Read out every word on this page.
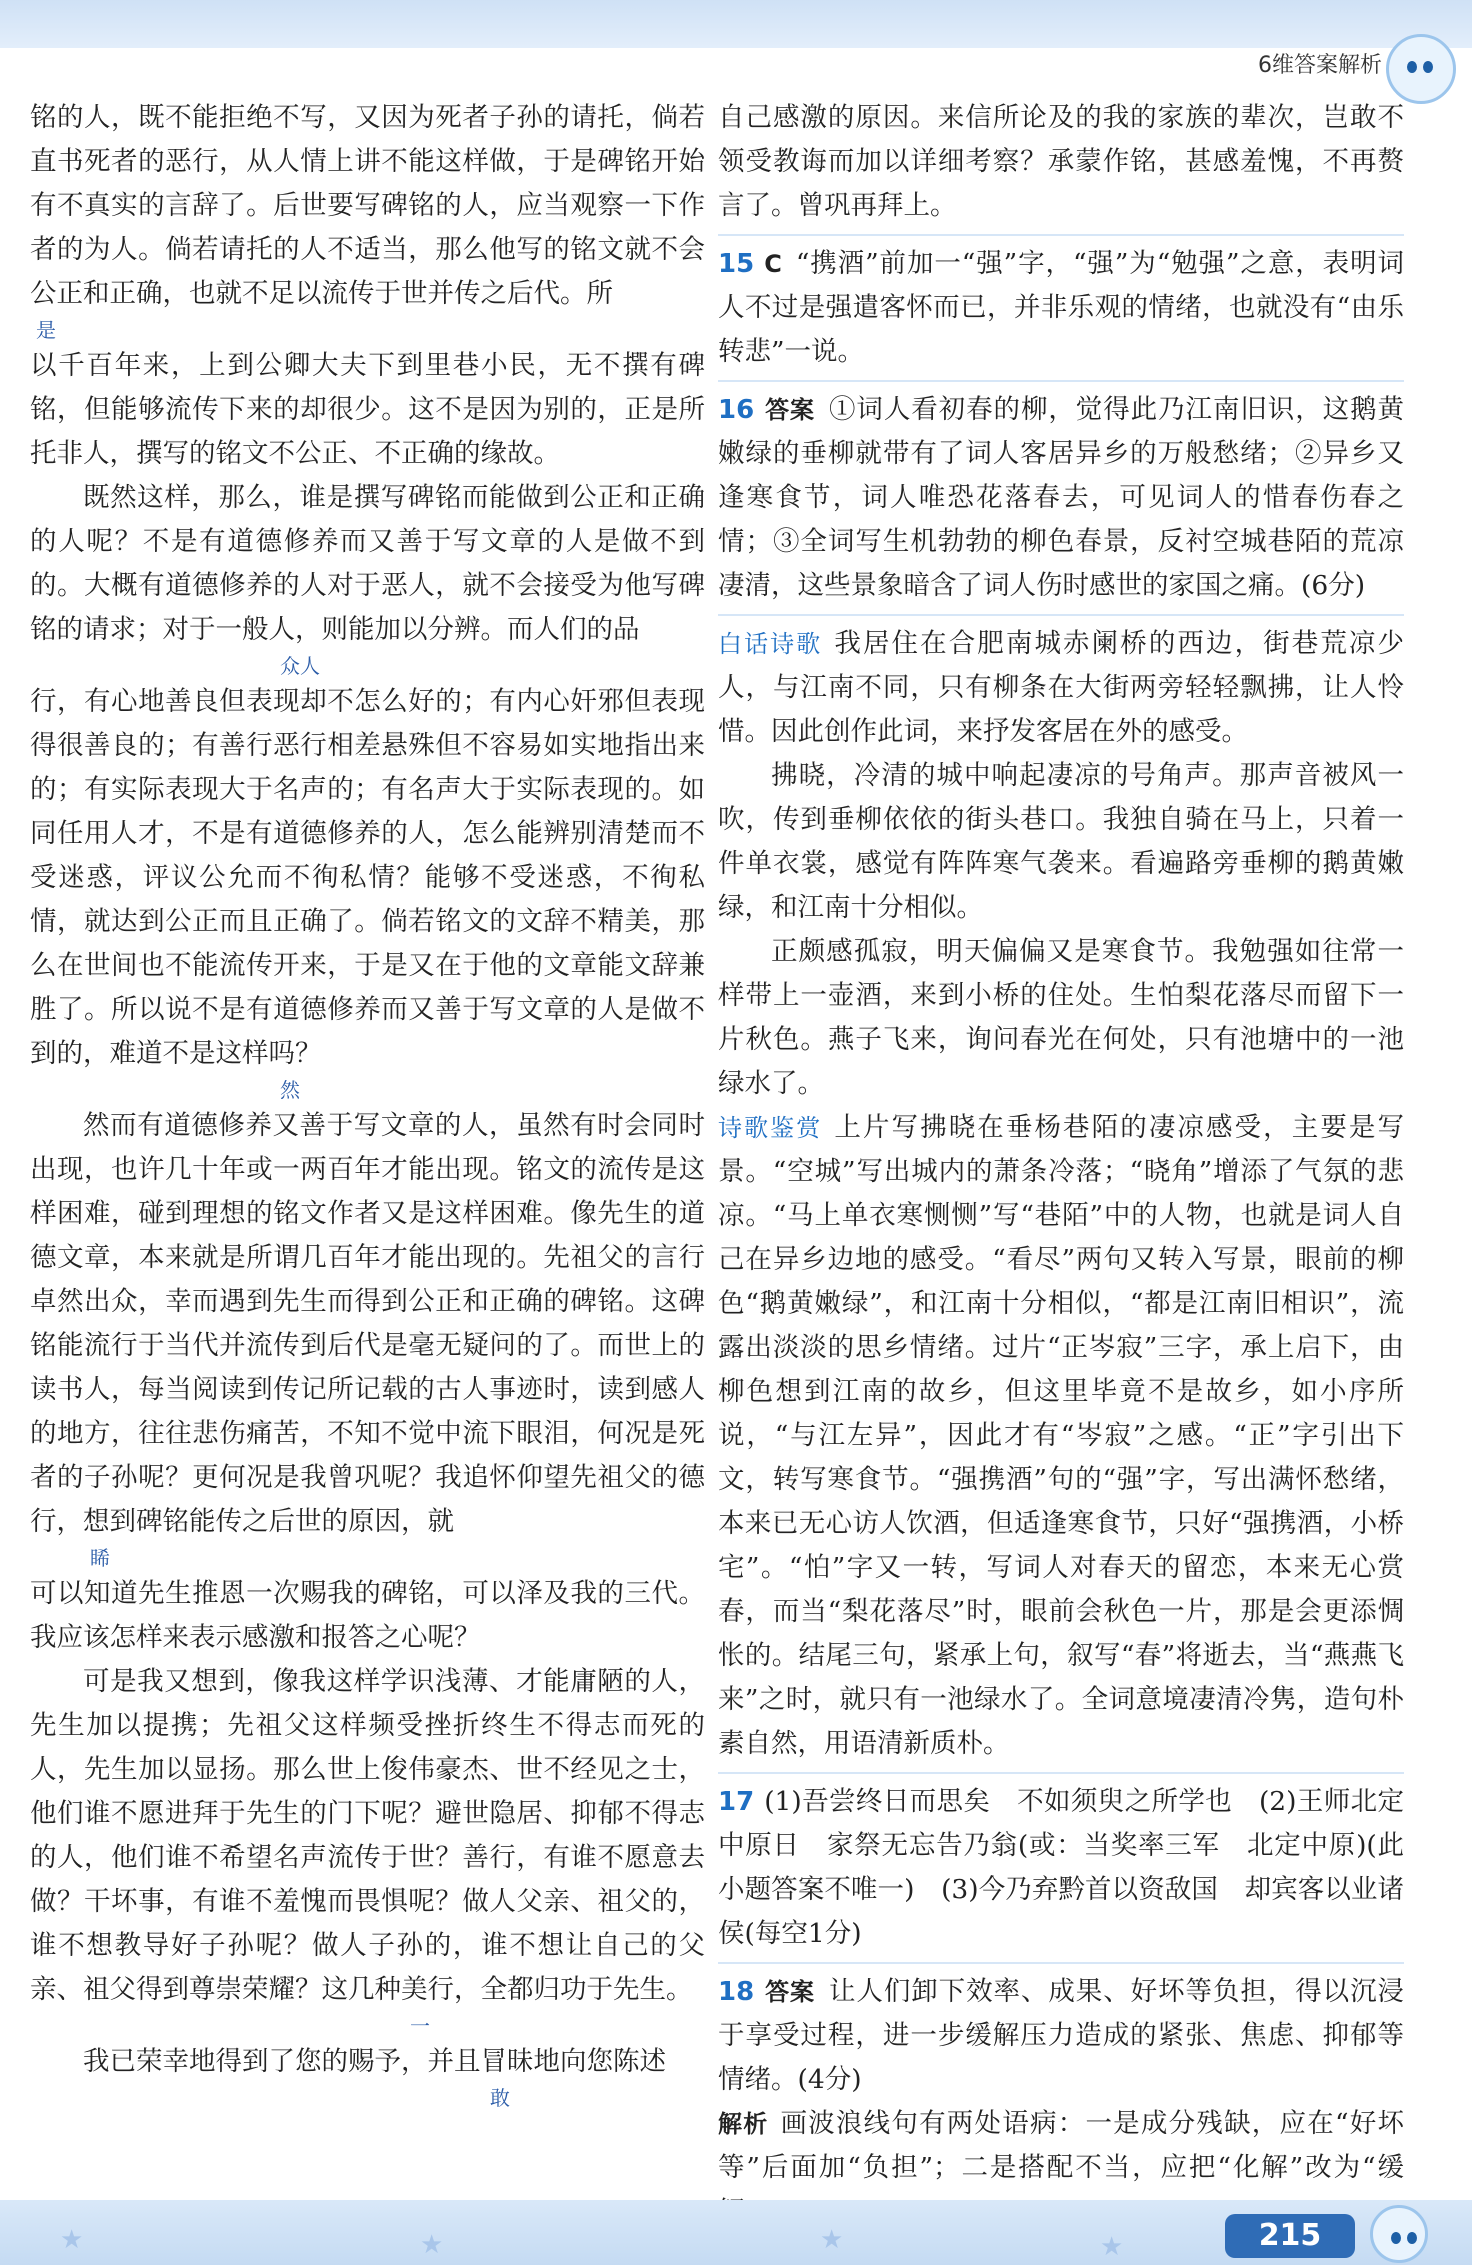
6维答案解析

铭的人，既不能拒绝不写，又因为死者子孙的请托，倘若直书死者的恶行，从人情上讲不能这样做，于是碑铭开始有不真实的言辞了。后世要写碑铭的人，应当观察一下作者的为人。倘若请托的人不适当，那么他写的铭文就不会公正和正确，也就不足以流传于世并传之后代。所

是

以千百年来，上到公卿大夫下到里巷小民，无不撰有碑铭，但能够流传下来的却很少。这不是因为别的，正是所托非人，撰写的铭文不公正、不正确的缘故。

既然这样，那么，谁是撰写碑铭而能做到公正和正确的人呢？不是有道德修养而又善于写文章的人是做不到的。大概有道德修养的人对于恶人，就不会接受为他写碑铭的请求；对于一般人，则能加以分辨。而人们的品

众人

行，有心地善良但表现却不怎么好的；有内心奸邪但表现得很善良的；有善行恶行相差悬殊但不容易如实地指出来的；有实际表现大于名声的；有名声大于实际表现的。如同任用人才，不是有道德修养的人，怎么能辨别清楚而不受迷惑，评议公允而不徇私情？能够不受迷惑，不徇私情，就达到公正而且正确了。倘若铭文的文辞不精美，那么在世间也不能流传开来，于是又在于他的文章能文辞兼胜了。所以说不是有道德修养而又善于写文章的人是做不到的，难道不是这样吗？

然

然而有道德修养又善于写文章的人，虽然有时会同时出现，也许几十年或一两百年才能出现。铭文的流传是这样困难，碰到理想的铭文作者又是这样困难。像先生的道德文章，本来就是所谓几百年才能出现的。先祖父的言行卓然出众，幸而遇到先生而得到公正和正确的碑铭。这碑铭能流行于当代并流传到后代是毫无疑问的了。而世上的读书人，每当阅读到传记所记载的古人事迹时，读到感人的地方，往往悲伤痛苦，不知不觉中流下眼泪，何况是死者的子孙呢？更何况是我曾巩呢？我追怀仰望先祖父的德行，想到碑铭能传之后世的原因，就

睎

可以知道先生推恩一次赐我的碑铭，可以泽及我的三代。我应该怎样来表示感激和报答之心呢？

可是我又想到，像我这样学识浅薄、才能庸陋的人，先生加以提携；先祖父这样频受挫折终生不得志而死的人，先生加以显扬。那么世上俊伟豪杰、世不经见之士，他们谁不愿进拜于先生的门下呢？避世隐居、抑郁不得志的人，他们谁不希望名声流传于世？善行，有谁不愿意去做？干坏事，有谁不羞愧而畏惧呢？做人父亲、祖父的，谁不想教导好子孙呢？做人子孙的，谁不想让自己的父亲、祖父得到尊崇荣耀？这几种美行，全都归功于先生。

一

我已荣幸地得到了您的赐予，并且冒昧地向您陈述

敢

自己感激的原因。来信所论及的我的家族的辈次，岂敢不领受教诲而加以详细考察？承蒙作铭，甚感羞愧，不再赘言了。曾巩再拜上。

15 C “携酒”前加一“强”字，“强”为“勉强”之意，表明词人不过是强遣客怀而已，并非乐观的情绪，也就没有“由乐转悲”一说。

16 答案 ①词人看初春的柳，觉得此乃江南旧识，这鹅黄嫩绿的垂柳就带有了词人客居异乡的万般愁绪；②异乡又逢寒食节，词人唯恐花落春去，可见词人的惜春伤春之情；③全词写生机勃勃的柳色春景，反衬空城巷陌的荒凉凄清，这些景象暗含了词人伤时感世的家国之痛。(6分)

白话诗歌 我居住在合肥南城赤阑桥的西边，街巷荒凉少人，与江南不同，只有柳条在大街两旁轻轻飘拂，让人怜惜。因此创作此词，来抒发客居在外的感受。

拂晓，冷清的城中响起凄凉的号角声。那声音被风一吹，传到垂柳依依的街头巷口。我独自骑在马上，只着一件单衣裳，感觉有阵阵寒气袭来。看遍路旁垂柳的鹅黄嫩绿，和江南十分相似。

正颇感孤寂，明天偏偏又是寒食节。我勉强如往常一样带上一壶酒，来到小桥的住处。生怕梨花落尽而留下一片秋色。燕子飞来，询问春光在何处，只有池塘中的一池绿水了。

诗歌鉴赏 上片写拂晓在垂杨巷陌的凄凉感受，主要是写景。“空城”写出城内的萧条冷落；“晓角”增添了气氛的悲凉。“马上单衣寒恻恻”写“巷陌”中的人物，也就是词人自己在异乡边地的感受。“看尽”两句又转入写景，眼前的柳色“鹅黄嫩绿”，和江南十分相似，“都是江南旧相识”，流露出淡淡的思乡情绪。过片“正岑寂”三字，承上启下，由柳色想到江南的故乡，但这里毕竟不是故乡，如小序所说，“与江左异”，因此才有“岑寂”之感。“正”字引出下文，转写寒食节。“强携酒”句的“强”字，写出满怀愁绪，本来已无心访人饮酒，但适逢寒食节，只好“强携酒，小桥宅”。“怕”字又一转，写词人对春天的留恋，本来无心赏春，而当“梨花落尽”时，眼前会秋色一片，那是会更添惆怅的。结尾三句，紧承上句，叙写“春”将逝去，当“燕燕飞来”之时，就只有一池绿水了。全词意境凄清冷隽，造句朴素自然，用语清新质朴。

17 (1)吾尝终日而思矣　不如须臾之所学也　(2)王师北定中原日　家祭无忘告乃翁(或：当奖率三军　北定中原)(此小题答案不唯一)　(3)今乃弃黔首以资敌国　却宾客以业诸侯(每空1分)

18 答案 让人们卸下效率、成果、好坏等负担，得以沉浸于享受过程，进一步缓解压力造成的紧张、焦虑、抑郁等情绪。(4分)

解析 画波浪线句有两处语病：一是成分残缺，应在“好坏等”后面加“负担”；二是搭配不当，应把“化解”改为“缓

★	★	★	★	215
